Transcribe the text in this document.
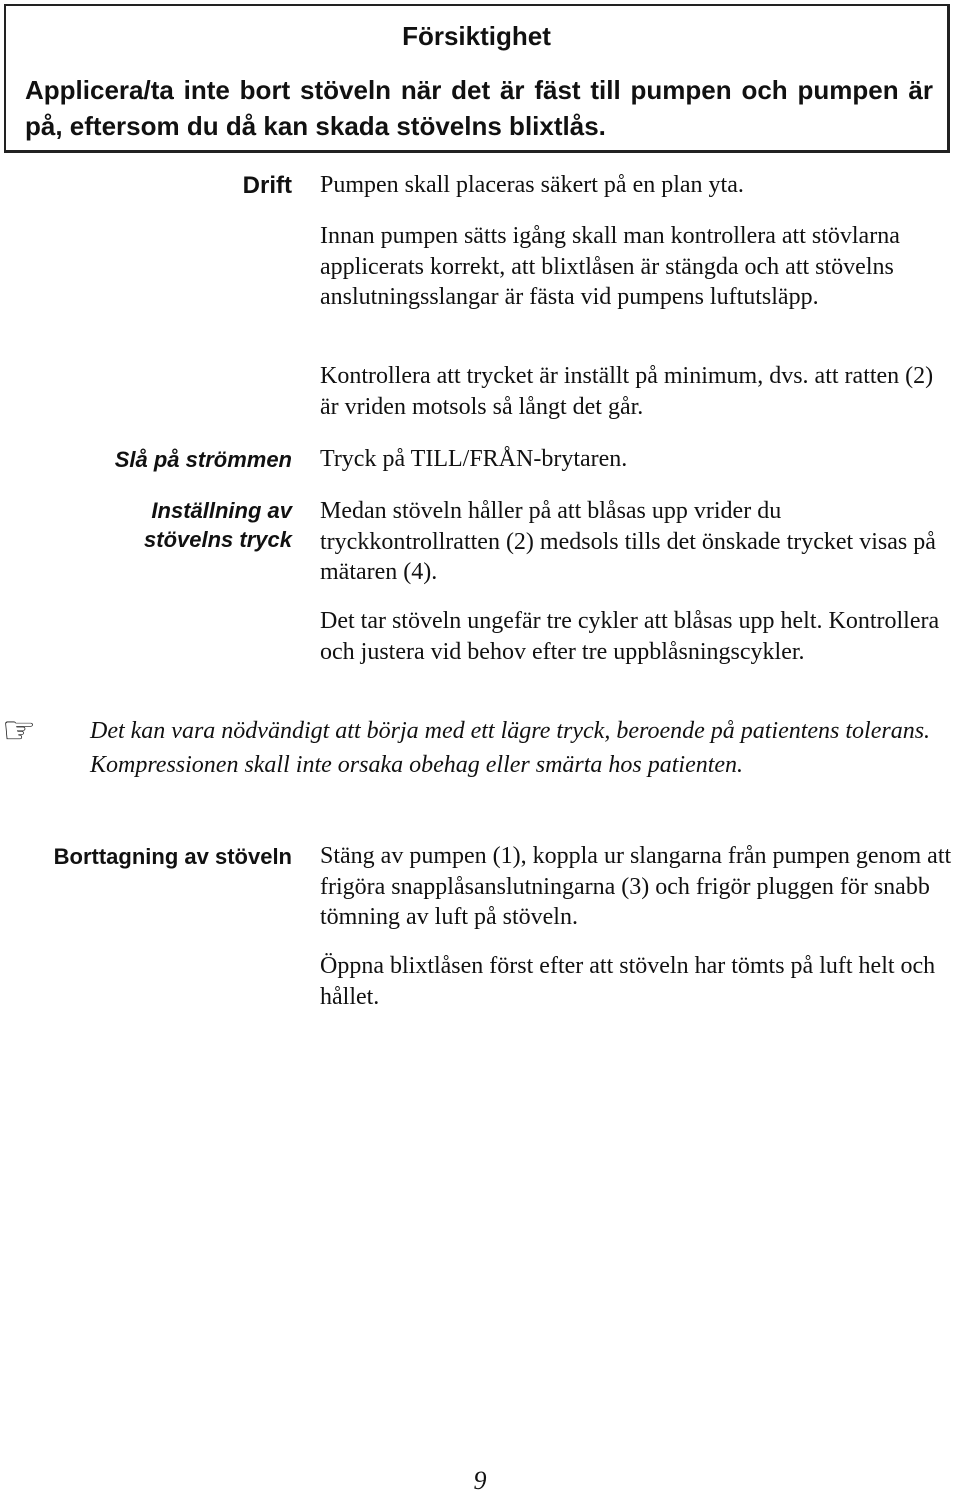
Försiktighet
Applicera/ta inte bort stöveln när det är fäst till pumpen och pumpen är på, eftersom du då kan skada stövelns blixtlås.
Drift Pumpen skall placeras säkert på en plan yta.
Innan pumpen sätts igång skall man kontrollera att stövlarna applicerats korrekt, att blixtlåsen är stängda och att stövelns anslutningsslangar är fästa vid pumpens luftutsläpp.
Kontrollera att trycket är inställt på minimum, dvs. att ratten (2) är vriden motsols så långt det går.
Slå på strömmen Tryck på TILL/FRÅN-brytaren.
Inställning av
stövelns tryck
Medan stöveln håller på att blåsas upp vrider du tryckkontrollratten (2) medsols tills det önskade trycket visas på mätaren (4).
Det tar stöveln ungefär tre cykler att blåsas upp helt. Kontrollera och justera vid behov efter tre uppblåsningscykler.
☞ Det kan vara nödvändigt att börja med ett lägre tryck, beroende på patientens tolerans. Kompressionen skall inte orsaka obehag eller smärta hos patienten.
Borttagning av stöveln Stäng av pumpen (1), koppla ur slangarna från pumpen genom att frigöra snapplåsanslutningarna (3) och frigör pluggen för snabb tömning av luft på stöveln.
Öppna blixtlåsen först efter att stöveln har tömts på luft helt och hållet.
9
